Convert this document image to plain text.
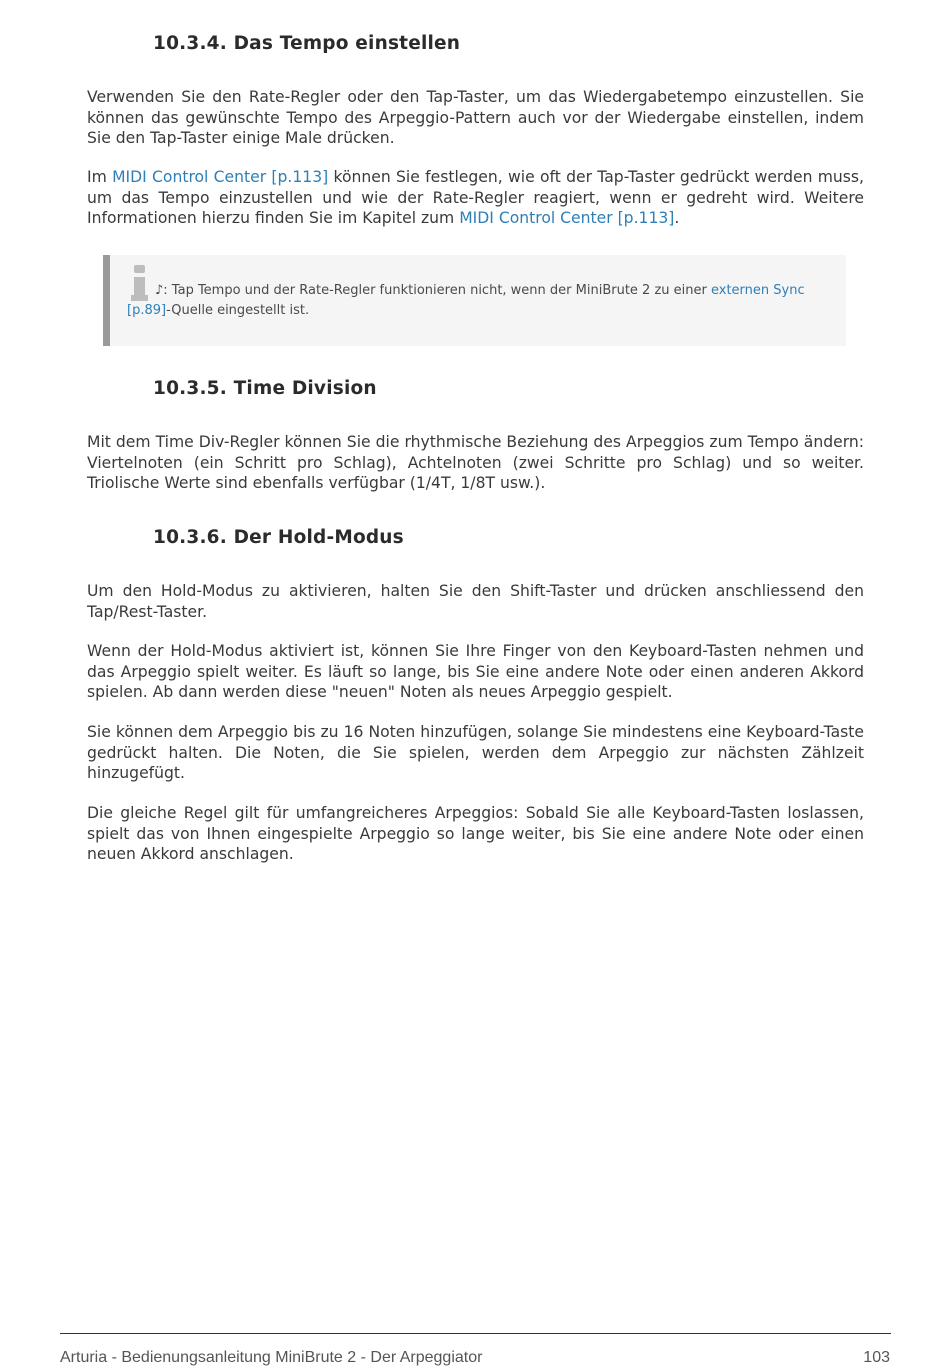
10.3.4. Das Tempo einstellen

Verwenden Sie den Rate-Regler oder den Tap-Taster, um das Wiedergabetempo einzustellen. Sie können das gewünschte Tempo des Arpeggio-Pattern auch vor der Wiedergabe einstellen, indem Sie den Tap-Taster einige Male drücken.

Im MIDI Control Center [p.113] können Sie festlegen, wie oft der Tap-Taster gedrückt werden muss, um das Tempo einzustellen und wie der Rate-Regler reagiert, wenn er gedreht wird. Weitere Informationen hierzu finden Sie im Kapitel zum MIDI Control Center [p.113].

♪: Tap Tempo und der Rate-Regler funktionieren nicht, wenn der MiniBrute 2 zu einer externen Sync [p.89]-Quelle eingestellt ist.
10.3.5. Time Division

Mit dem Time Div-Regler können Sie die rhythmische Beziehung des Arpeggios zum Tempo ändern: Viertelnoten (ein Schritt pro Schlag), Achtelnoten (zwei Schritte pro Schlag) und so weiter. Triolische Werte sind ebenfalls verfügbar (1/4T, 1/8T usw.).

10.3.6. Der Hold-Modus

Um den Hold-Modus zu aktivieren, halten Sie den Shift-Taster und drücken anschliessend den Tap/Rest-Taster.

Wenn der Hold-Modus aktiviert ist, können Sie Ihre Finger von den Keyboard-Tasten nehmen und das Arpeggio spielt weiter. Es läuft so lange, bis Sie eine andere Note oder einen anderen Akkord spielen. Ab dann werden diese "neuen" Noten als neues Arpeggio gespielt.

Sie können dem Arpeggio bis zu 16 Noten hinzufügen, solange Sie mindestens eine Keyboard-Taste gedrückt halten. Die Noten, die Sie spielen, werden dem Arpeggio zur nächsten Zählzeit hinzugefügt.

Die gleiche Regel gilt für umfangreicheres Arpeggios: Sobald Sie alle Keyboard-Tasten loslassen, spielt das von Ihnen eingespielte Arpeggio so lange weiter, bis Sie eine andere Note oder einen neuen Akkord anschlagen.

Arturia - Bedienungsanleitung MiniBrute 2 - Der Arpeggiator	103
